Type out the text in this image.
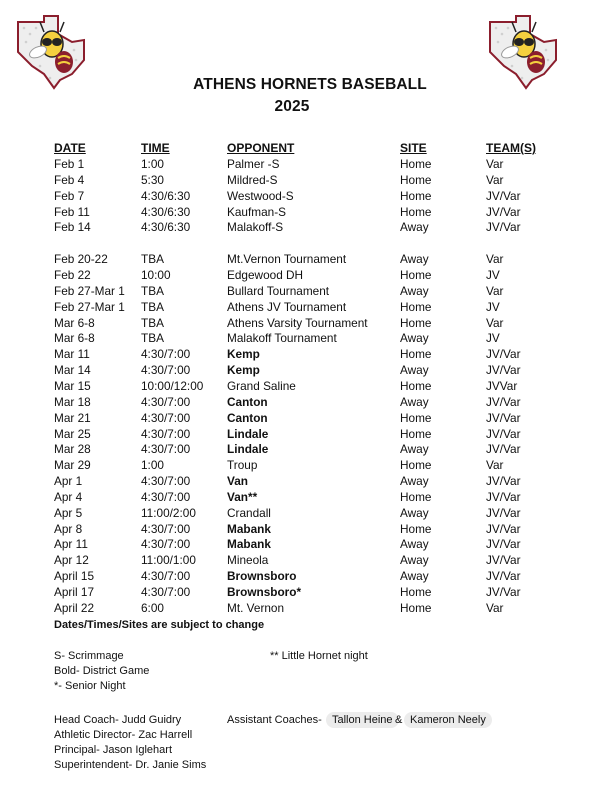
ATHENS HORNETS BASEBALL
2025
DATE	TIME	OPPONENT	SITE	TEAM(S)
Feb 1	1:00	Palmer -S	Home	Var
Feb 4	5:30	Mildred-S	Home	Var
Feb 7	4:30/6:30	Westwood-S	Home	JV/Var
Feb 11	4:30/6:30	Kaufman-S	Home	JV/Var
Feb 14	4:30/6:30	Malakoff-S	Away	JV/Var
Feb 20-22	TBA	Mt.Vernon Tournament	Away	Var
Feb 22	10:00	Edgewood DH	Home	JV
Feb 27-Mar 1 TBA	Bullard Tournament	Away	Var
Feb 27-Mar 1 TBA	Athens JV Tournament	Home	JV
Mar 6-8	TBA	Athens Varsity Tournament	Home	Var
Mar 6-8	TBA	Malakoff Tournament	Away	JV
Mar 11	4:30/7:00	Kemp	Home	JV/Var
Mar 14	4:30/7:00	Kemp	Away	JV/Var
Mar 15	10:00/12:00 Grand Saline	Home	JVVar
Mar 18	4:30/7:00	Canton	Away	JV/Var
Mar 21	4:30/7:00	Canton	Home	JV/Var
Mar 25	4:30/7:00	Lindale	Home	JV/Var
Mar 28	4:30/7:00	Lindale	Away	JV/Var
Mar 29	1:00	Troup	Home	Var
Apr 1	4:30/7:00	Van	Away	JV/Var
Apr 4	4:30/7:00	Van**	Home	JV/Var
Apr 5	11:00/2:00	Crandall	Away	JV/Var
Apr 8	4:30/7:00	Mabank	Home	JV/Var
Apr 11	4:30/7:00	Mabank	Away	JV/Var
Apr 12	11:00/1:00	Mineola	Away	JV/Var
April 15	4:30/7:00	Brownsboro	Away	JV/Var
April 17	4:30/7:00	Brownsboro*	Home	JV/Var
April 22	6:00	Mt. Vernon	Home	Var
Dates/Times/Sites are subject to change
S- Scrimmage	** Little Hornet night
Bold- District Game
*- Senior Night
Head Coach- Judd Guidry	Assistant Coaches- Tallon Heine & Kameron Neely
Athletic Director- Zac Harrell
Principal- Jason Iglehart
Superintendent- Dr. Janie Sims
